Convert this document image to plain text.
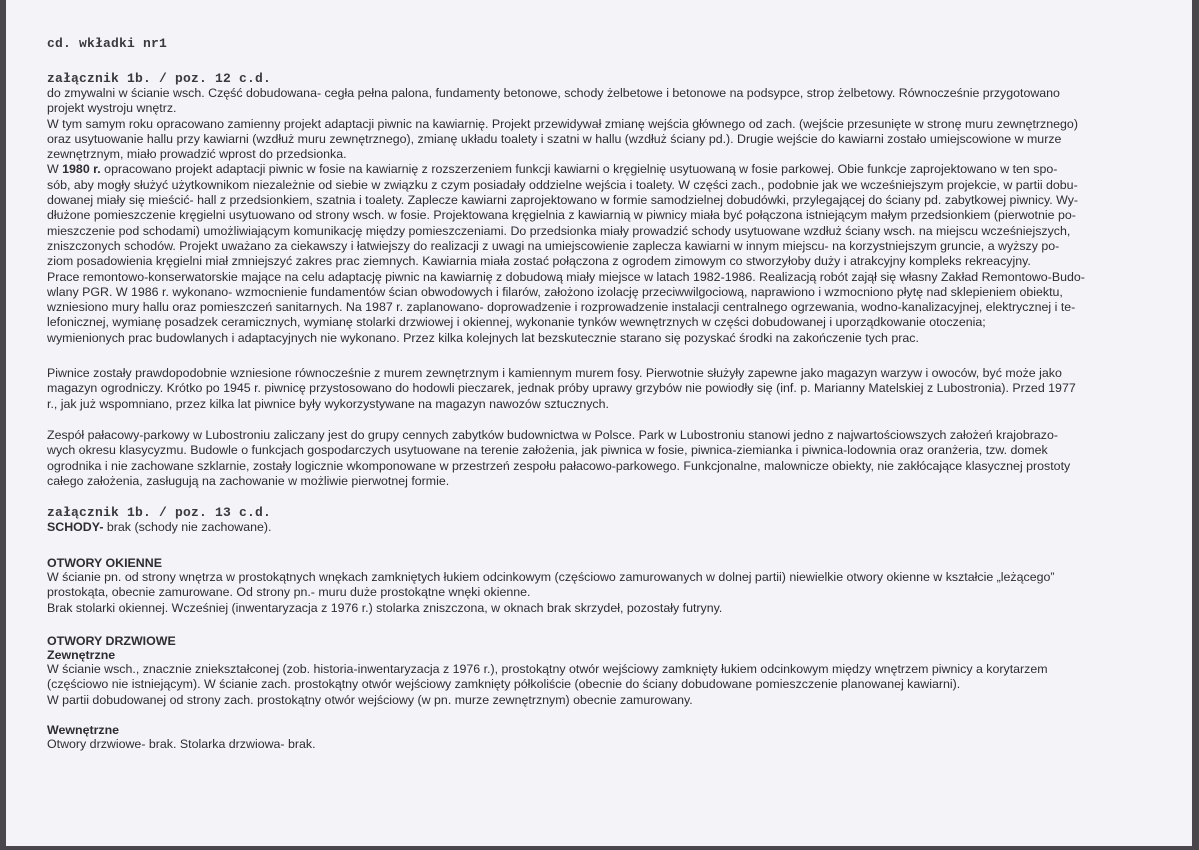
cd. wkładki nr1
załącznik 1b. / poz. 12 c.d.
do zmywalni w ścianie wsch. Część dobudowana- cegła pełna palona, fundamenty betonowe, schody żelbetowe i betonowe na podsypce, strop żelbetowy. Równocześnie przygotowano
projekt wystroju wnętrz.
W tym samym roku opracowano zamienny projekt adaptacji piwnic na kawiarnię. Projekt przewidywał zmianę wejścia głównego od zach. (wejście przesunięte w stronę muru zewnętrznego)
oraz usytuowanie hallu przy kawiarni (wzdłuż muru zewnętrznego), zmianę układu toalety i szatni w hallu (wzdłuż ściany pd.). Drugie wejście do kawiarni zostało umiejscowione w murze
zewnętrznym, miało prowadzić wprost do przedsionka.
W 1980 r. opracowano projekt adaptacji piwnic w fosie na kawiarnię z rozszerzeniem funkcji kawiarni o kręgielnię usytuowaną w fosie parkowej. Obie funkcje zaprojektowano w ten spo-
sób, aby mogły służyć użytkownikom niezależnie od siebie w związku z czym posiadały oddzielne wejścia i toalety. W części zach., podobnie jak we wcześniejszym projekcie, w partii dobu-
dowanej miały się mieścić- hall z przedsionkiem, szatnia i toalety. Zaplecze kawiarni zaprojektowano w formie samodzielnej dobudówki, przylegającej do ściany pd. zabytkowej piwnicy. Wy-
dłużone pomieszczenie kręgielni usytuowano od strony wsch. w fosie. Projektowana kręgielnia z kawiarnią w piwnicy miała być połączona istniejącym małym przedsionkiem (pierwotnie po-
mieszczenie pod schodami) umożliwiającym komunikację między pomieszczeniami. Do przedsionka miały prowadzić schody usytuowane wzdłuż ściany wsch. na miejscu wcześniejszych,
zniszczonych schodów. Projekt uważano za ciekawszy i łatwiejszy do realizacji z uwagi na umiejscowienie zaplecza kawiarni w innym miejscu- na korzystniejszym gruncie, a wyższy po-
ziom posadowienia kręgielni miał zmniejszyć zakres prac ziemnych. Kawiarnia miała zostać połączona z ogrodem zimowym co stworzyłoby duży i atrakcyjny kompleks rekreacyjny.
Prace remontowo-konserwatorskie mające na celu adaptację piwnic na kawiarnię z dobudową miały miejsce w latach 1982-1986. Realizacją robót zajął się własny Zakład Remontowo-Budo-
wlany PGR. W 1986 r. wykonano- wzmocnienie fundamentów ścian obwodowych i filarów, założono izolację przeciwwilgociową, naprawiono i wzmocniono płytę nad sklepieniem obiektu,
wzniesiono mury hallu oraz pomieszczeń sanitarnych. Na 1987 r. zaplanowano- doprowadzenie i rozprowadzenie instalacji centralnego ogrzewania, wodno-kanalizacyjnej, elektrycznej i te-
lefonicznej, wymianę posadzek ceramicznych, wymianę stolarki drzwiowej i okiennej, wykonanie tynków wewnętrznych w części dobudowanej i uporządkowanie otoczenia;
wymienionych prac budowlanych i adaptacyjnych nie wykonano. Przez kilka kolejnych lat bezskutecznie starano się pozyskać środki na zakończenie tych prac.
Piwnice zostały prawdopodobnie wzniesione równocześnie z murem zewnętrznym i kamiennym murem fosy. Pierwotnie służyły zapewne jako magazyn warzyw i owoców, być może jako
magazyn ogrodniczy. Krótko po 1945 r. piwnicę przystosowano do hodowli pieczarek, jednak próby uprawy grzybów nie powiodły się (inf. p. Marianny Matelskiej z Lubostronia). Przed 1977
r., jak już wspomniano, przez kilka lat piwnice były wykorzystywane na magazyn nawozów sztucznych.
Zespół pałacowy-parkowy w Lubostroniu zaliczany jest do grupy cennych zabytków budownictwa w Polsce. Park w Lubostroniu stanowi jedno z najwartościowszych założeń krajobrazo-
wych okresu klasycyzmu. Budowle o funkcjach gospodarczych usytuowane na terenie założenia, jak piwnica w fosie, piwnica-ziemianka i piwnica-lodownia oraz oranżeria, tzw. domek
ogrodnika i nie zachowane szklarnie, zostały logicznie wkomponowane w przestrzeń zespołu pałacowo-parkowego. Funkcjonalne, malownicze obiekty, nie zakłócające klasycznej prostoty
całego założenia, zasługują na zachowanie w możliwie pierwotnej formie.
załącznik 1b. / poz. 13 c.d.
SCHODY- brak (schody nie zachowane).
OTWORY OKIENNE
W ścianie pn. od strony wnętrza w prostokątnych wnękach zamkniętych łukiem odcinkowym (częściowo zamurowanych w dolnej partii) niewielkie otwory okienne w kształcie „leżącego”
prostokąta, obecnie zamurowane. Od strony pn.- muru duże prostokątne wnęki okienne.
Brak stolarki okiennej. Wcześniej (inwentaryzacja z 1976 r.) stolarka zniszczona, w oknach brak skrzydeł, pozostały futryny.
OTWORY DRZWIOWE
Zewnętrzne
W ścianie wsch., znacznie zniekształconej (zob. historia-inwentaryzacja z 1976 r.), prostokątny otwór wejściowy zamknięty łukiem odcinkowym między wnętrzem piwnicy a korytarzem
(częściowo nie istniejącym). W ścianie zach. prostokątny otwór wejściowy zamknięty półkoliście (obecnie do ściany dobudowane pomieszczenie planowanej kawiarni).
W partii dobudowanej od strony zach. prostokątny otwór wejściowy (w pn. murze zewnętrznym) obecnie zamurowany.
Wewnętrzne
Otwory drzwiowe- brak. Stolarka drzwiowa- brak.
